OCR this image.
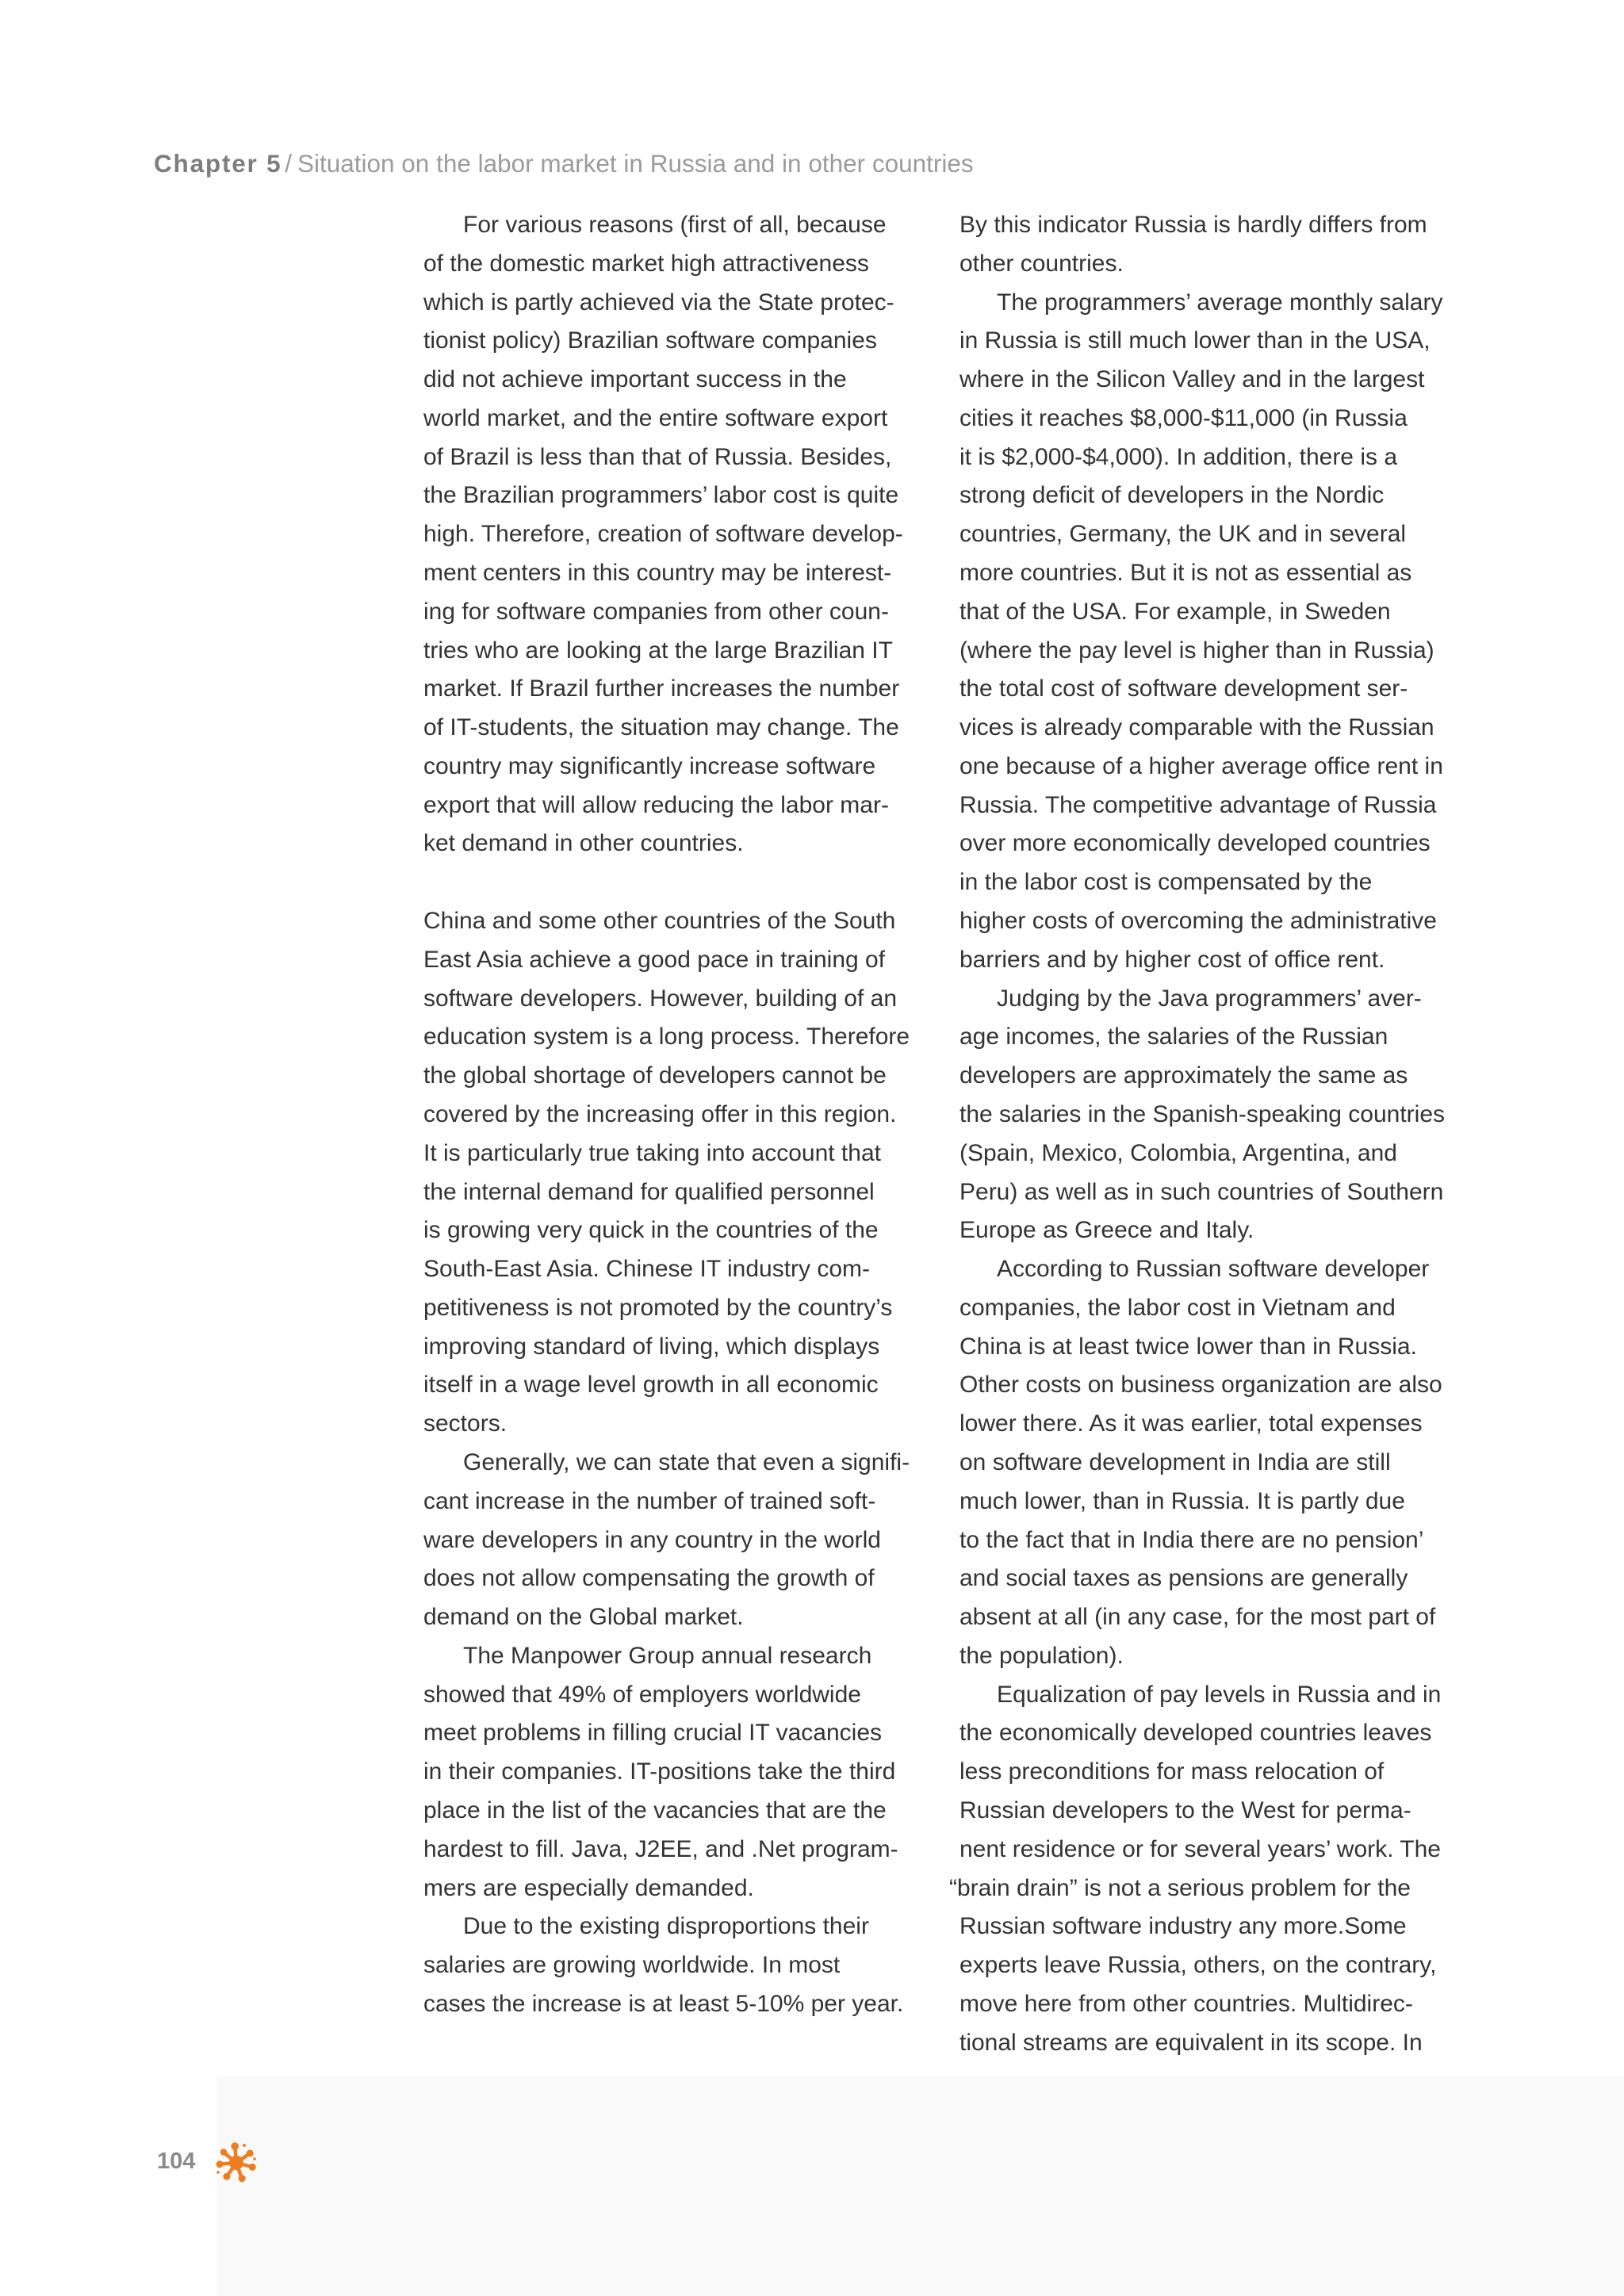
Chapter 5 / Situation on the labor market in Russia and in other countries
For various reasons (first of all, because
of the domestic market high attractiveness
which is partly achieved via the State protec-
tionist policy) Brazilian software companies
did not achieve important success in the
world market, and the entire software export
of Brazil is less than that of Russia. Besides,
the Brazilian programmers’ labor cost is quite
high. Therefore, creation of software develop-
ment centers in this country may be interest-
ing for software companies from other coun-
tries who are looking at the large Brazilian IT
market. If Brazil further increases the number
of IT-students, the situation may change. The
country may significantly increase software
export that will allow reducing the labor mar-
ket demand in other countries.
China and some other countries of the South
East Asia achieve a good pace in training of
software developers. However, building of an
education system is a long process. Therefore
the global shortage of developers cannot be
covered by the increasing offer in this region.
It is particularly true taking into account that
the internal demand for qualified personnel
is growing very quick in the countries of the
South-East Asia. Chinese IT industry com-
petitiveness is not promoted by the country’s
improving standard of living, which displays
itself in a wage level growth in all economic
sectors.
Generally, we can state that even a signifi-
cant increase in the number of trained soft-
ware developers in any country in the world
does not allow compensating the growth of
demand on the Global market.
The Manpower Group annual research
showed that 49% of employers worldwide
meet problems in filling crucial IT vacancies
in their companies. IT-positions take the third
place in the list of the vacancies that are the
hardest to fill. Java, J2EE, and .Net program-
mers are especially demanded.
Due to the existing disproportions their
salaries are growing worldwide. In most
cases the increase is at least 5-10% per year.
By this indicator Russia is hardly differs from
other countries.
The programmers’ average monthly salary
in Russia is still much lower than in the USA,
where in the Silicon Valley and in the largest
cities it reaches $8,000-$11,000 (in Russia
it is $2,000-$4,000). In addition, there is a
strong deficit of developers in the Nordic
countries, Germany, the UK and in several
more countries. But it is not as essential as
that of the USA. For example, in Sweden
(where the pay level is higher than in Russia)
the total cost of software development ser-
vices is already comparable with the Russian
one because of a higher average office rent in
Russia. The competitive advantage of Russia
over more economically developed countries
in the labor cost is compensated by the
higher costs of overcoming the administrative
barriers and by higher cost of office rent.
Judging by the Java programmers’ aver-
age incomes, the salaries of the Russian
developers are approximately the same as
the salaries in the Spanish-speaking countries
(Spain, Mexico, Colombia, Argentina, and
Peru) as well as in such countries of Southern
Europe as Greece and Italy.
According to Russian software developer
companies, the labor cost in Vietnam and
China is at least twice lower than in Russia.
Other costs on business organization are also
lower there. As it was earlier, total expenses
on software development in India are still
much lower, than in Russia. It is partly due
to the fact that in India there are no pension’
and social taxes as pensions are generally
absent at all (in any case, for the most part of
the population).
Equalization of pay levels in Russia and in
the economically developed countries leaves
less preconditions for mass relocation of
Russian developers to the West for perma-
nent residence or for several years’ work. The
“brain drain” is not a serious problem for the
Russian software industry any more.Some
experts leave Russia, others, on the contrary,
move here from other countries. Multidirec-
tional streams are equivalent in its scope. In
104
